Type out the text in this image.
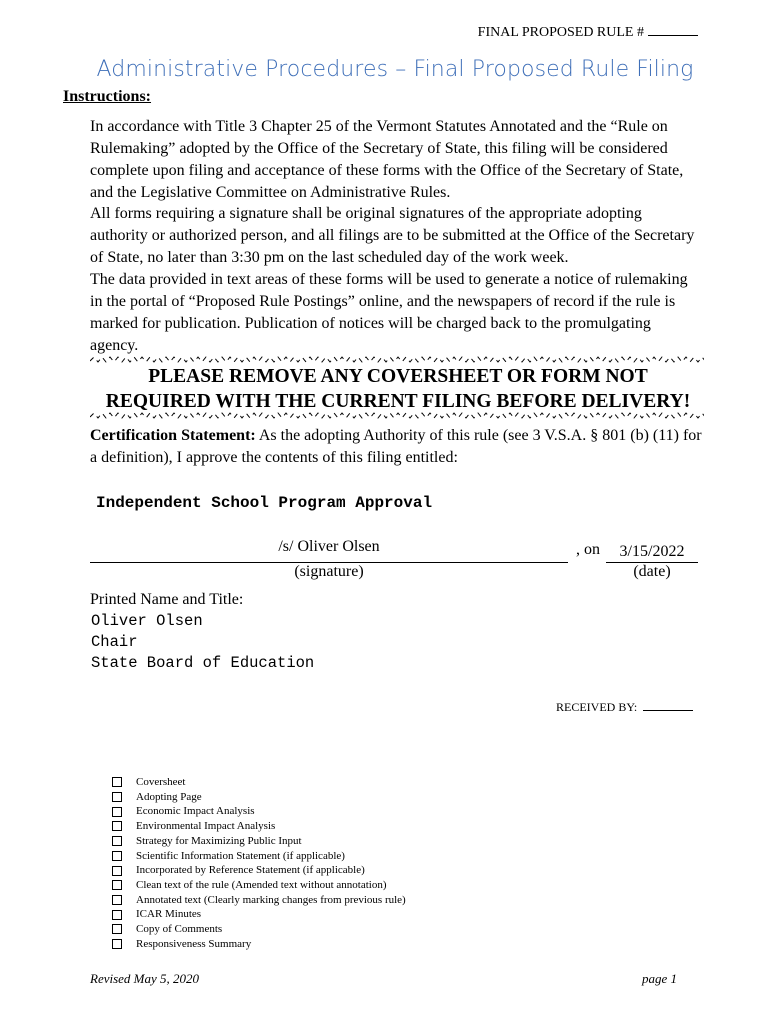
FINAL PROPOSED RULE #
Administrative Procedures – Final Proposed Rule Filing
Instructions:
In accordance with Title 3 Chapter 25 of the Vermont Statutes Annotated and the “Rule on Rulemaking” adopted by the Office of the Secretary of State, this filing will be considered complete upon filing and acceptance of these forms with the Office of the Secretary of State, and the Legislative Committee on Administrative Rules.
All forms requiring a signature shall be original signatures of the appropriate adopting authority or authorized person, and all filings are to be submitted at the Office of the Secretary of State, no later than 3:30 pm on the last scheduled day of the work week.
The data provided in text areas of these forms will be used to generate a notice of rulemaking in the portal of “Proposed Rule Postings” online, and the newspapers of record if the rule is marked for publication. Publication of notices will be charged back to the promulgating agency.
PLEASE REMOVE ANY COVERSHEET OR FORM NOT
REQUIRED WITH THE CURRENT FILING BEFORE DELIVERY!
Certification Statement: As the adopting Authority of this rule (see 3 V.S.A. § 801 (b) (11) for a definition), I approve the contents of this filing entitled:
Independent School Program Approval
/s/ Oliver Olsen
(signature)
, on	3/15/2022
(date)
Printed Name and Title:
Oliver Olsen
Chair
State Board of Education
RECEIVED BY:
Coversheet
Adopting Page
Economic Impact Analysis
Environmental Impact Analysis
Strategy for Maximizing Public Input
Scientific Information Statement (if applicable)
Incorporated by Reference Statement (if applicable)
Clean text of the rule (Amended text without annotation)
Annotated text (Clearly marking changes from previous rule)
ICAR Minutes
Copy of Comments
Responsiveness Summary
Revised May 5, 2020	page 1
